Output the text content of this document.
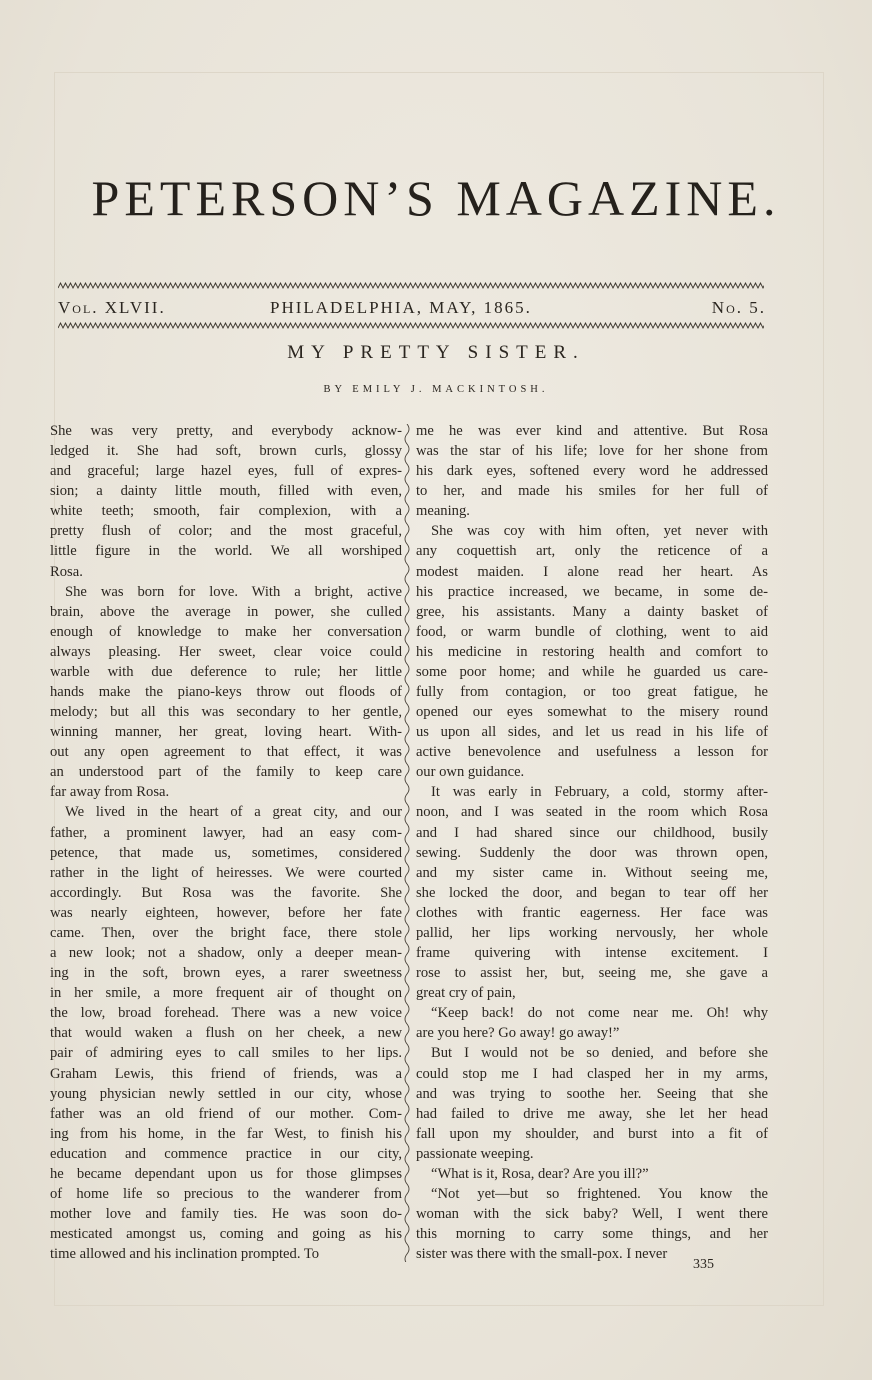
PETERSON’S MAGAZINE.
Vol. XLVII.	PHILADELPHIA, MAY, 1865.	No. 5.
MY PRETTY SISTER.
BY EMILY J. MACKINTOSH.
She was very pretty, and everybody acknow-
ledged it. She had soft, brown curls, glossy
and graceful; large hazel eyes, full of expres-
sion; a dainty little mouth, filled with even,
white teeth; smooth, fair complexion, with a
pretty flush of color; and the most graceful,
little figure in the world. We all worshiped
Rosa.
She was born for love. With a bright, active
brain, above the average in power, she culled
enough of knowledge to make her conversation
always pleasing. Her sweet, clear voice could
warble with due deference to rule; her little
hands make the piano-keys throw out floods of
melody; but all this was secondary to her gentle,
winning manner, her great, loving heart. With-
out any open agreement to that effect, it was
an understood part of the family to keep care
far away from Rosa.
We lived in the heart of a great city, and our
father, a prominent lawyer, had an easy com-
petence, that made us, sometimes, considered
rather in the light of heiresses. We were courted
accordingly. But Rosa was the favorite. She
was nearly eighteen, however, before her fate
came. Then, over the bright face, there stole
a new look; not a shadow, only a deeper mean-
ing in the soft, brown eyes, a rarer sweetness
in her smile, a more frequent air of thought on
the low, broad forehead. There was a new voice
that would waken a flush on her cheek, a new
pair of admiring eyes to call smiles to her lips.
Graham Lewis, this friend of friends, was a
young physician newly settled in our city, whose
father was an old friend of our mother. Com-
ing from his home, in the far West, to finish his
education and commence practice in our city,
he became dependant upon us for those glimpses
of home life so precious to the wanderer from
mother love and family ties. He was soon do-
mesticated amongst us, coming and going as his
time allowed and his inclination prompted. To
me he was ever kind and attentive. But Rosa
was the star of his life; love for her shone from
his dark eyes, softened every word he addressed
to her, and made his smiles for her full of
meaning.
She was coy with him often, yet never with
any coquettish art, only the reticence of a
modest maiden. I alone read her heart. As
his practice increased, we became, in some de-
gree, his assistants. Many a dainty basket of
food, or warm bundle of clothing, went to aid
his medicine in restoring health and comfort to
some poor home; and while he guarded us care-
fully from contagion, or too great fatigue, he
opened our eyes somewhat to the misery round
us upon all sides, and let us read in his life of
active benevolence and usefulness a lesson for
our own guidance.
It was early in February, a cold, stormy after-
noon, and I was seated in the room which Rosa
and I had shared since our childhood, busily
sewing. Suddenly the door was thrown open,
and my sister came in. Without seeing me,
she locked the door, and began to tear off her
clothes with frantic eagerness. Her face was
pallid, her lips working nervously, her whole
frame quivering with intense excitement. I
rose to assist her, but, seeing me, she gave a
great cry of pain,
“Keep back! do not come near me. Oh! why
are you here? Go away! go away!”
But I would not be so denied, and before she
could stop me I had clasped her in my arms,
and was trying to soothe her. Seeing that she
had failed to drive me away, she let her head
fall upon my shoulder, and burst into a fit of
passionate weeping.
“What is it, Rosa, dear? Are you ill?”
“Not yet—but so frightened. You know the
woman with the sick baby? Well, I went there
this morning to carry some things, and her
sister was there with the small-pox. I never
335
